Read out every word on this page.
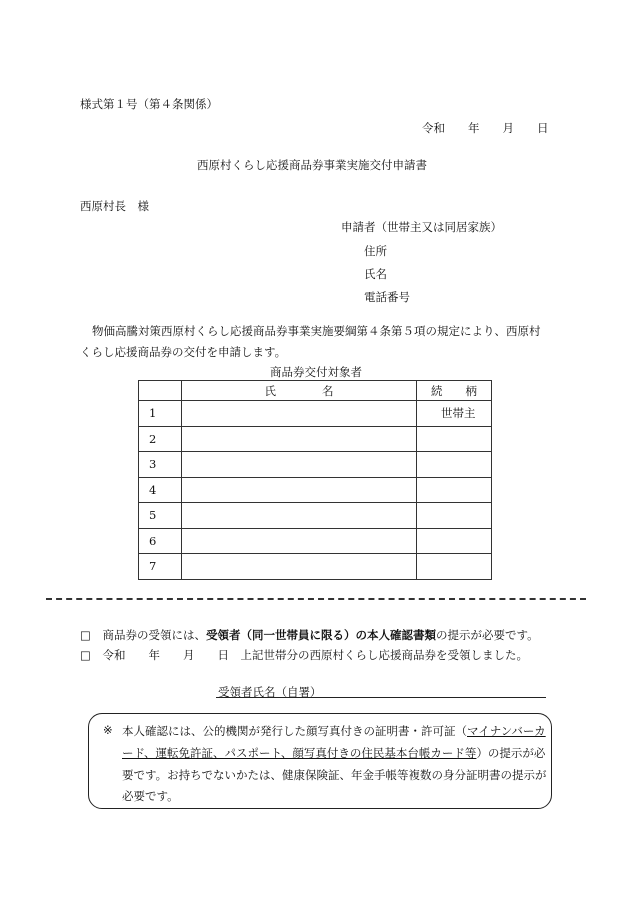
様式第１号（第４条関係）
令和　　年　　月　　日
西原村くらし応援商品券事業実施交付申請書
西原村長　様
申請者（世帯主又は同居家族）
住所
氏名
電話番号
物価高騰対策西原村くらし応援商品券事業実施要綱第４条第５項の規定により、西原村
くらし応援商品券の交付を申請します。
商品券交付対象者
	氏　　　　名	続　　柄
1		世帯主
2		
3		
4		
5		
6		
7		
□ 商品券の受領には、受領者（同一世帯員に限る）の本人確認書類の提示が必要です。
□ 令和　　年　　月　　日　上記世帯分の西原村くらし応援商品券を受領しました。
受領者氏名（自署）
※ 本人確認には、公的機関が発行した顔写真付きの証明書・許可証（マイナンバーカ
ード、運転免許証、パスポート、顔写真付きの住民基本台帳カード等）の提示が必
要です。お持ちでないかたは、健康保険証、年金手帳等複数の身分証明書の提示が
必要です。
